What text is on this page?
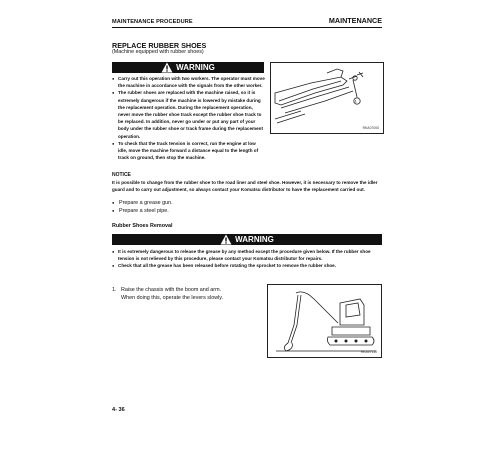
MAINTENANCE PROCEDURE	MAINTENANCE
REPLACE RUBBER SHOES
(Machine equipped with rubber shoes)
WARNING
● Carry out this operation with two workers. The operator must move the machine in accordance with the signals from the other worker.
● The rubber shoes are replaced with the machine raised, so it is extremely dangerous if the machine is lowered by mistake during the replacement operation. During the replacement operation, never move the rubber shoe track except the rubber shoe track to be replaced. In addition, never go under or put any part of your body under the rubber shoe or track frame during the replacement operation.
● To check that the track tension is correct, run the engine at low idle, move the machine forward a distance equal to the length of track on ground, then stop the machine.
1
RKA07000
NOTICE
It is possible to change from the rubber shoe to the road liner and steel shoe. However, it is necessary to remove the idler guard and to carry out adjustment, so always contact your Komatsu distributor to have the replacement carried out.
● Prepare a grease gun.
● Prepare a steel pipe.
Rubber Shoes Removal
WARNING
● It is extremely dangerous to release the grease by any method except the procedure given below. If the rubber shoe tension is not relieved by this procedure, please contact your Komatsu distributor for repairs.
● Check that all the grease has been released before rotating the sprocket to remove the rubber shoe.
1. Raise the chassis with the boom and arm.
When doing this, operate the levers slowly.
RKA07110
4- 36
